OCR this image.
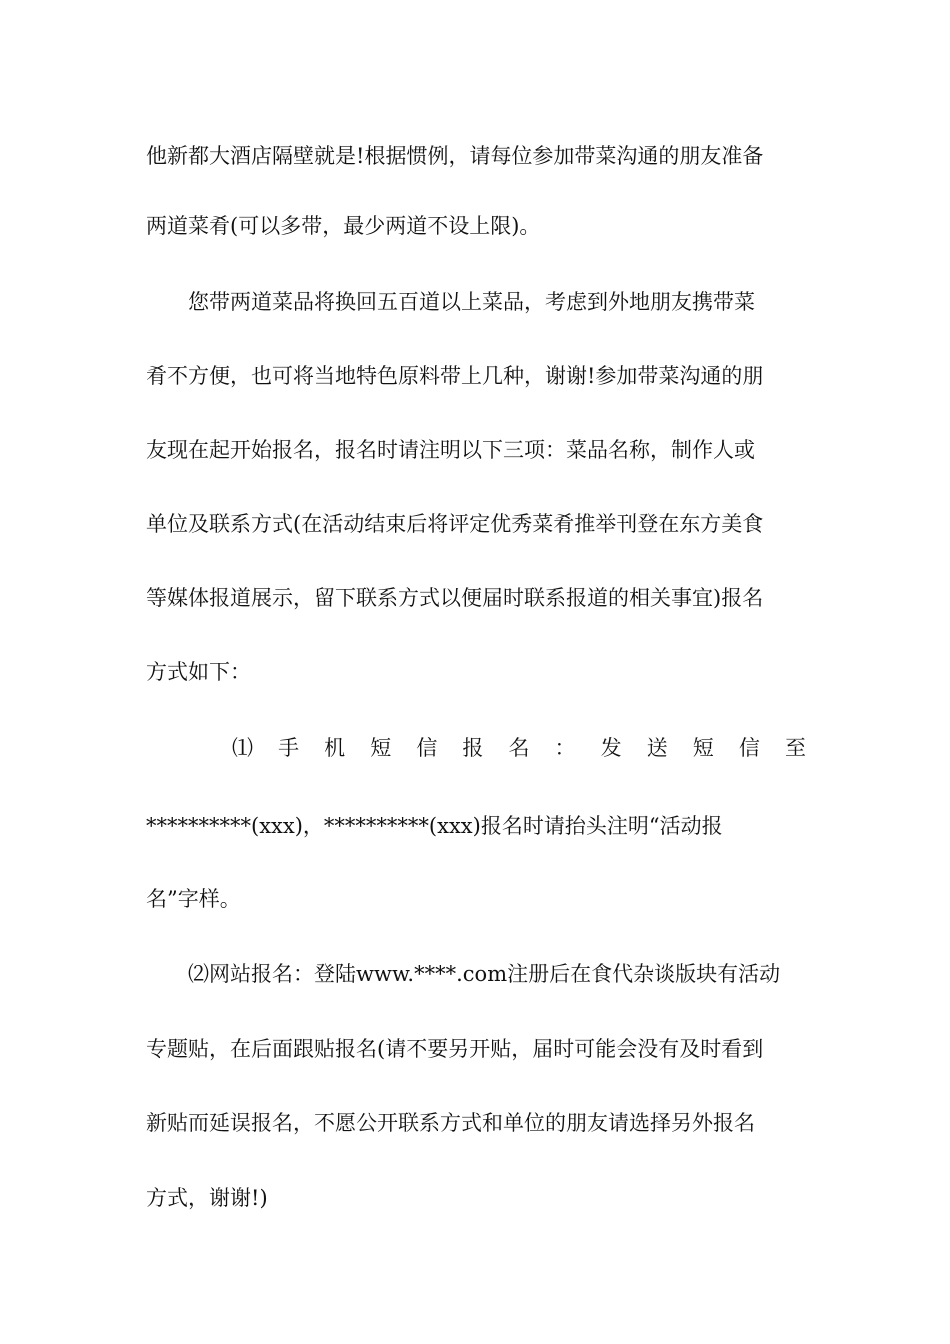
他新都大酒店隔壁就是!根据惯例，请每位参加带菜沟通的朋友准备
两道菜肴(可以多带，最少两道不设上限)。
您带两道菜品将换回五百道以上菜品，考虑到外地朋友携带菜
肴不方便，也可将当地特色原料带上几种，谢谢!参加带菜沟通的朋
友现在起开始报名，报名时请注明以下三项：菜品名称，制作人或
单位及联系方式(在活动结束后将评定优秀菜肴推举刊登在东方美食
等媒体报道展示，留下联系方式以便届时联系报道的相关事宜)报名
方式如下：
⑴ 手 机 短 信 报 名 ： 发 送 短 信 至
**********(xxx)，**********(xxx)报名时请抬头注明“活动报
名”字样。
⑵网站报名：登陆www.****.com注册后在食代杂谈版块有活动
专题贴，在后面跟贴报名(请不要另开贴，届时可能会没有及时看到
新贴而延误报名，不愿公开联系方式和单位的朋友请选择另外报名
方式，谢谢!)
